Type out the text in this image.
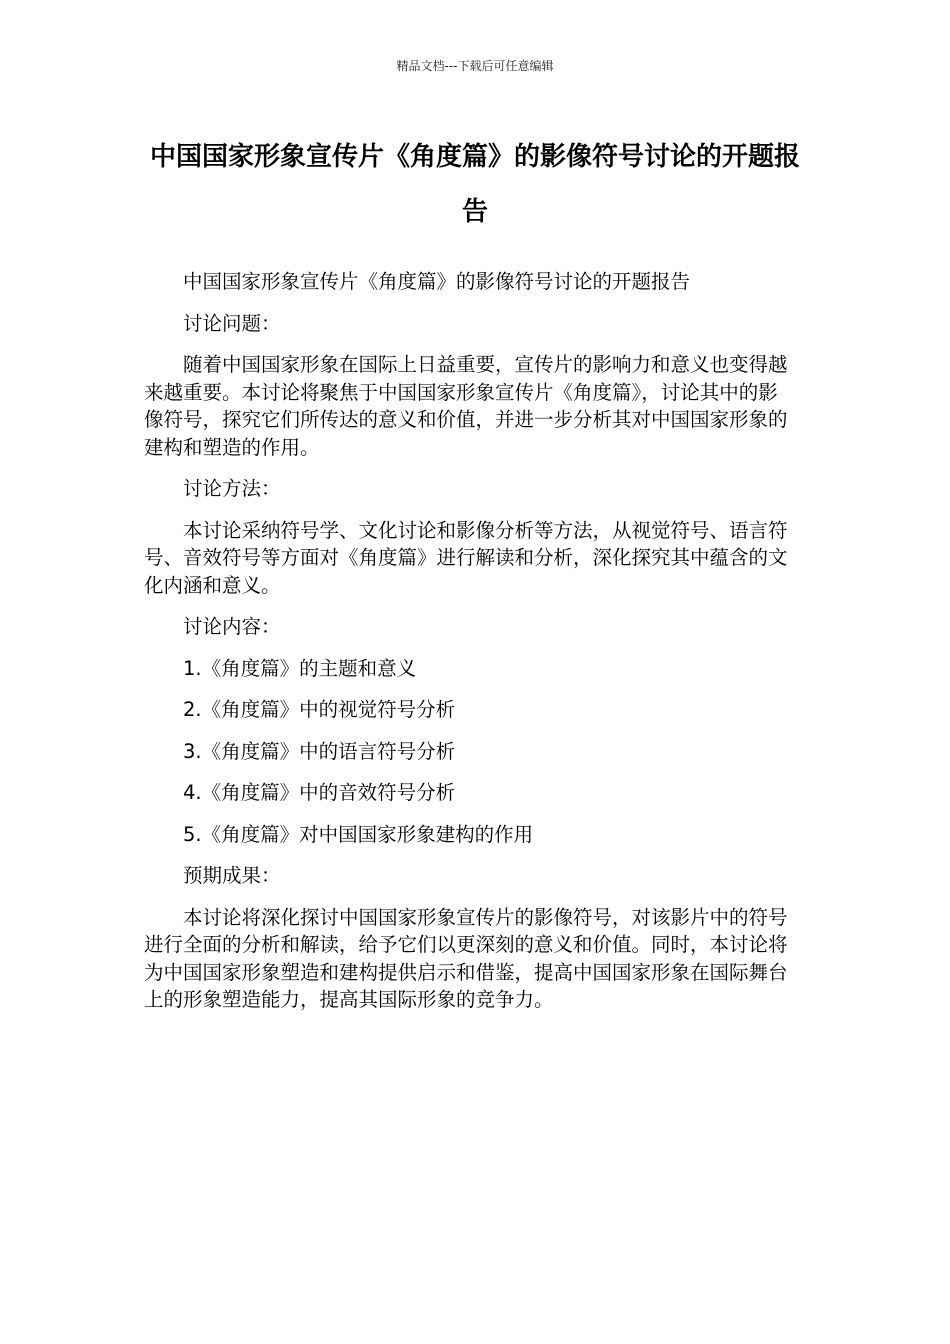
精品文档---下载后可任意编辑
中国国家形象宣传片《角度篇》的影像符号讨论的开题报告

中国国家形象宣传片《角度篇》的影像符号讨论的开题报告

讨论问题：

随着中国国家形象在国际上日益重要，宣传片的影响力和意义也变得越来越重要。本讨论将聚焦于中国国家形象宣传片《角度篇》，讨论其中的影像符号，探究它们所传达的意义和价值，并进一步分析其对中国国家形象的建构和塑造的作用。

讨论方法：

本讨论采纳符号学、文化讨论和影像分析等方法，从视觉符号、语言符号、音效符号等方面对《角度篇》进行解读和分析，深化探究其中蕴含的文化内涵和意义。

讨论内容：

1.《角度篇》的主题和意义

2.《角度篇》中的视觉符号分析

3.《角度篇》中的语言符号分析

4.《角度篇》中的音效符号分析

5.《角度篇》对中国国家形象建构的作用

预期成果：

本讨论将深化探讨中国国家形象宣传片的影像符号，对该影片中的符号进行全面的分析和解读，给予它们以更深刻的意义和价值。同时，本讨论将为中国国家形象塑造和建构提供启示和借鉴，提高中国国家形象在国际舞台上的形象塑造能力，提高其国际形象的竞争力。
